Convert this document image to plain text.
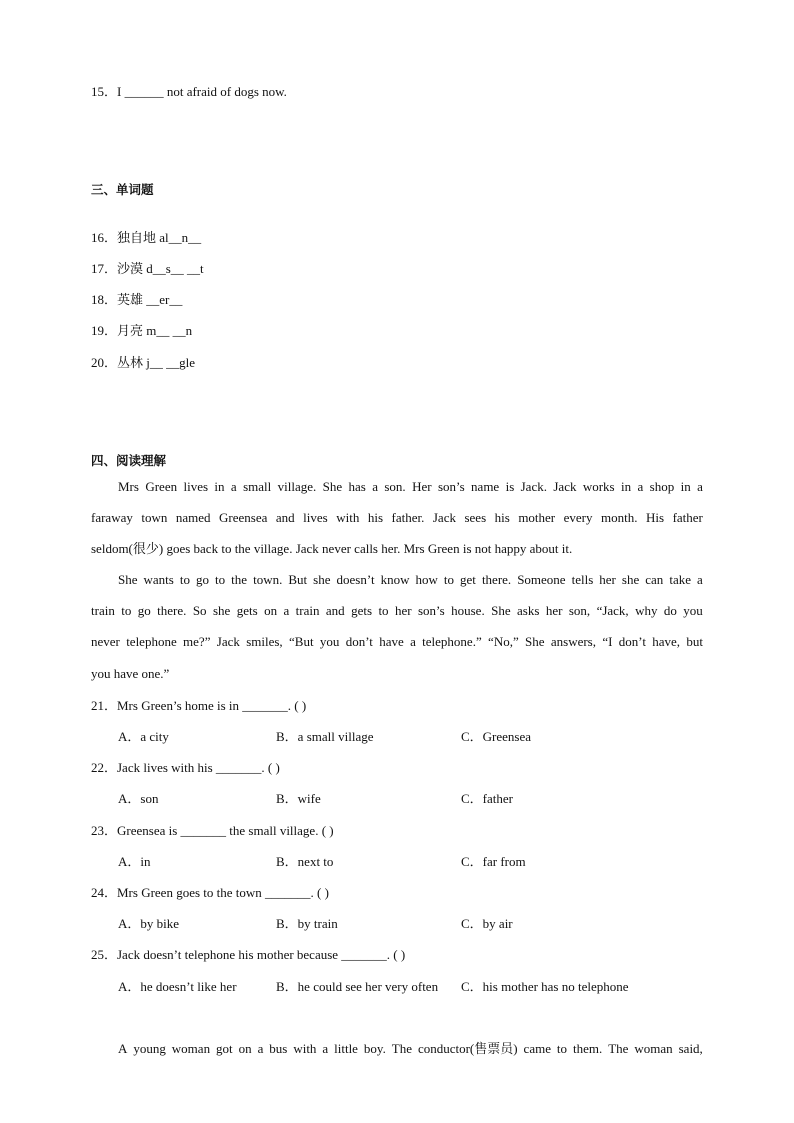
15．I ______ not afraid of dogs now.
三、单词题
16．独自地 al__n__
17．沙漠 d__s__ __t
18．英雄 __er__
19．月亮 m__ __n
20．丛林 j__ __gle
四、阅读理解
Mrs Green lives in a small village. She has a son. Her son’s name is Jack. Jack works in a shop in a
faraway town named Greensea and lives with his father. Jack sees his mother every month. His father
seldom(很少) goes back to the village. Jack never calls her. Mrs Green is not happy about it.
She wants to go to the town. But she doesn’t know how to get there. Someone tells her she can take a
train to go there. So she gets on a train and gets to her son’s house. She asks her son, “Jack, why do you
never telephone me?” Jack smiles, “But you don’t have a telephone.” “No,” She answers, “I don’t have, but
you have one.”
21．Mrs Green’s home is in _______. ( )
A．a city	B．a small village	C．Greensea
22．Jack lives with his _______. ( )
A．son	B．wife	C．father
23．Greensea is _______ the small village. ( )
A．in	B．next to	C．far from
24．Mrs Green goes to the town _______. ( )
A．by bike	B．by train	C．by air
25．Jack doesn’t telephone his mother because _______. ( )
A．he doesn’t like her	B．he could see her very often C．his mother has no telephone
A young woman got on a bus with a little boy. The conductor(售票员) came to them. The woman said,
